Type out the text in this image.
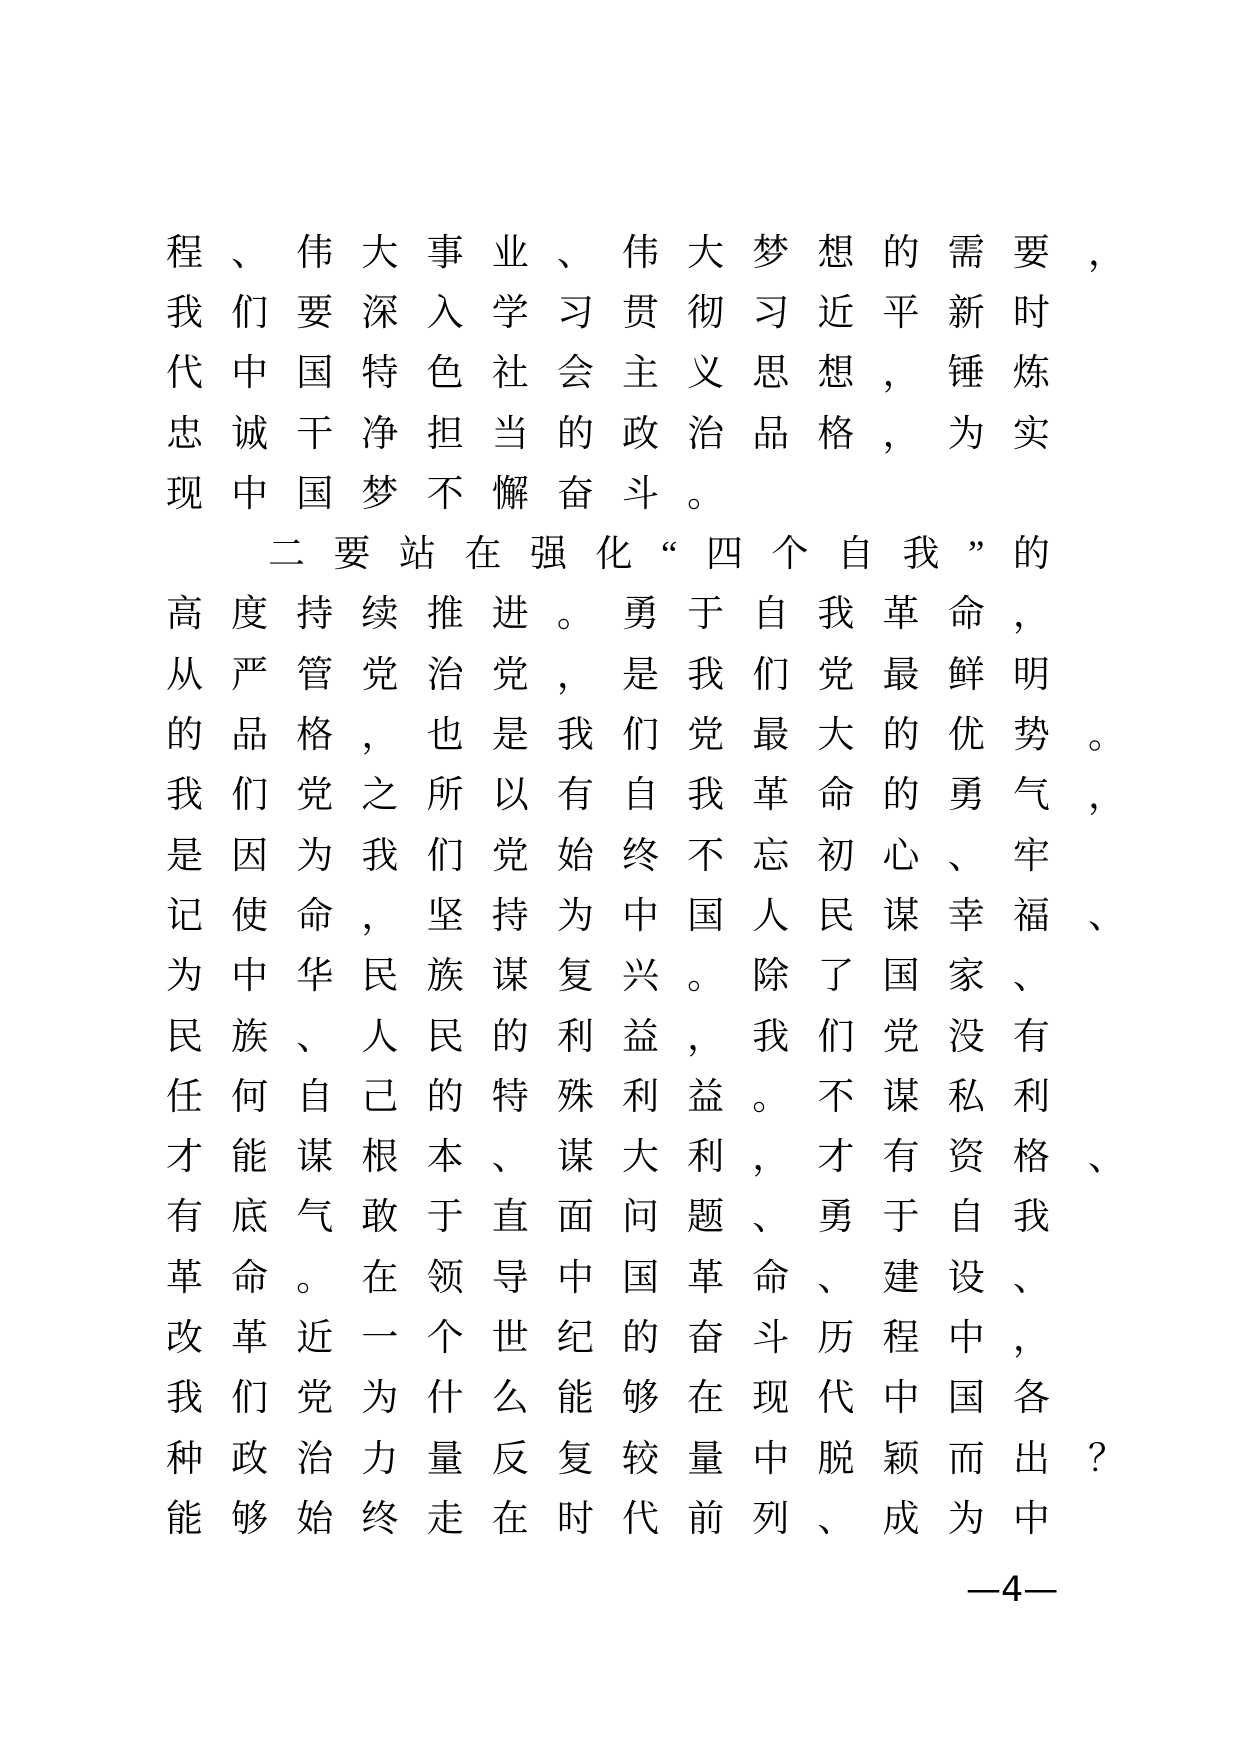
程 、 伟 大 事 业 、 伟 大 梦 想 的 需 要 ，
我 们 要 深 入 学 习 贯 彻 习 近 平 新 时
代 中 国 特 色 社 会 主 义 思 想 ， 锤 炼
忠 诚 干 净 担 当 的 政 治 品 格 ， 为 实
现 中 国 梦 不 懈 奋 斗 。
二 要 站 在 强 化 “ 四 个 自 我 ” 的
高 度 持 续 推 进 。 勇 于 自 我 革 命 ，
从 严 管 党 治 党 ， 是 我 们 党 最 鲜 明
的 品 格 ， 也 是 我 们 党 最 大 的 优 势 。
我 们 党 之 所 以 有 自 我 革 命 的 勇 气 ，
是 因 为 我 们 党 始 终 不 忘 初 心 、 牢
记 使 命 ， 坚 持 为 中 国 人 民 谋 幸 福 、
为 中 华 民 族 谋 复 兴 。 除 了 国 家 、
民 族 、 人 民 的 利 益 ， 我 们 党 没 有
任 何 自 己 的 特 殊 利 益 。 不 谋 私 利
才 能 谋 根 本 、 谋 大 利 ， 才 有 资 格 、
有 底 气 敢 于 直 面 问 题 、 勇 于 自 我
革 命 。 在 领 导 中 国 革 命 、 建 设 、
改 革 近 一 个 世 纪 的 奋 斗 历 程 中 ，
我 们 党 为 什 么 能 够 在 现 代 中 国 各
种 政 治 力 量 反 复 较 量 中 脱 颖 而 出 ？
能 够 始 终 走 在 时 代 前 列 、 成 为 中
—4—
